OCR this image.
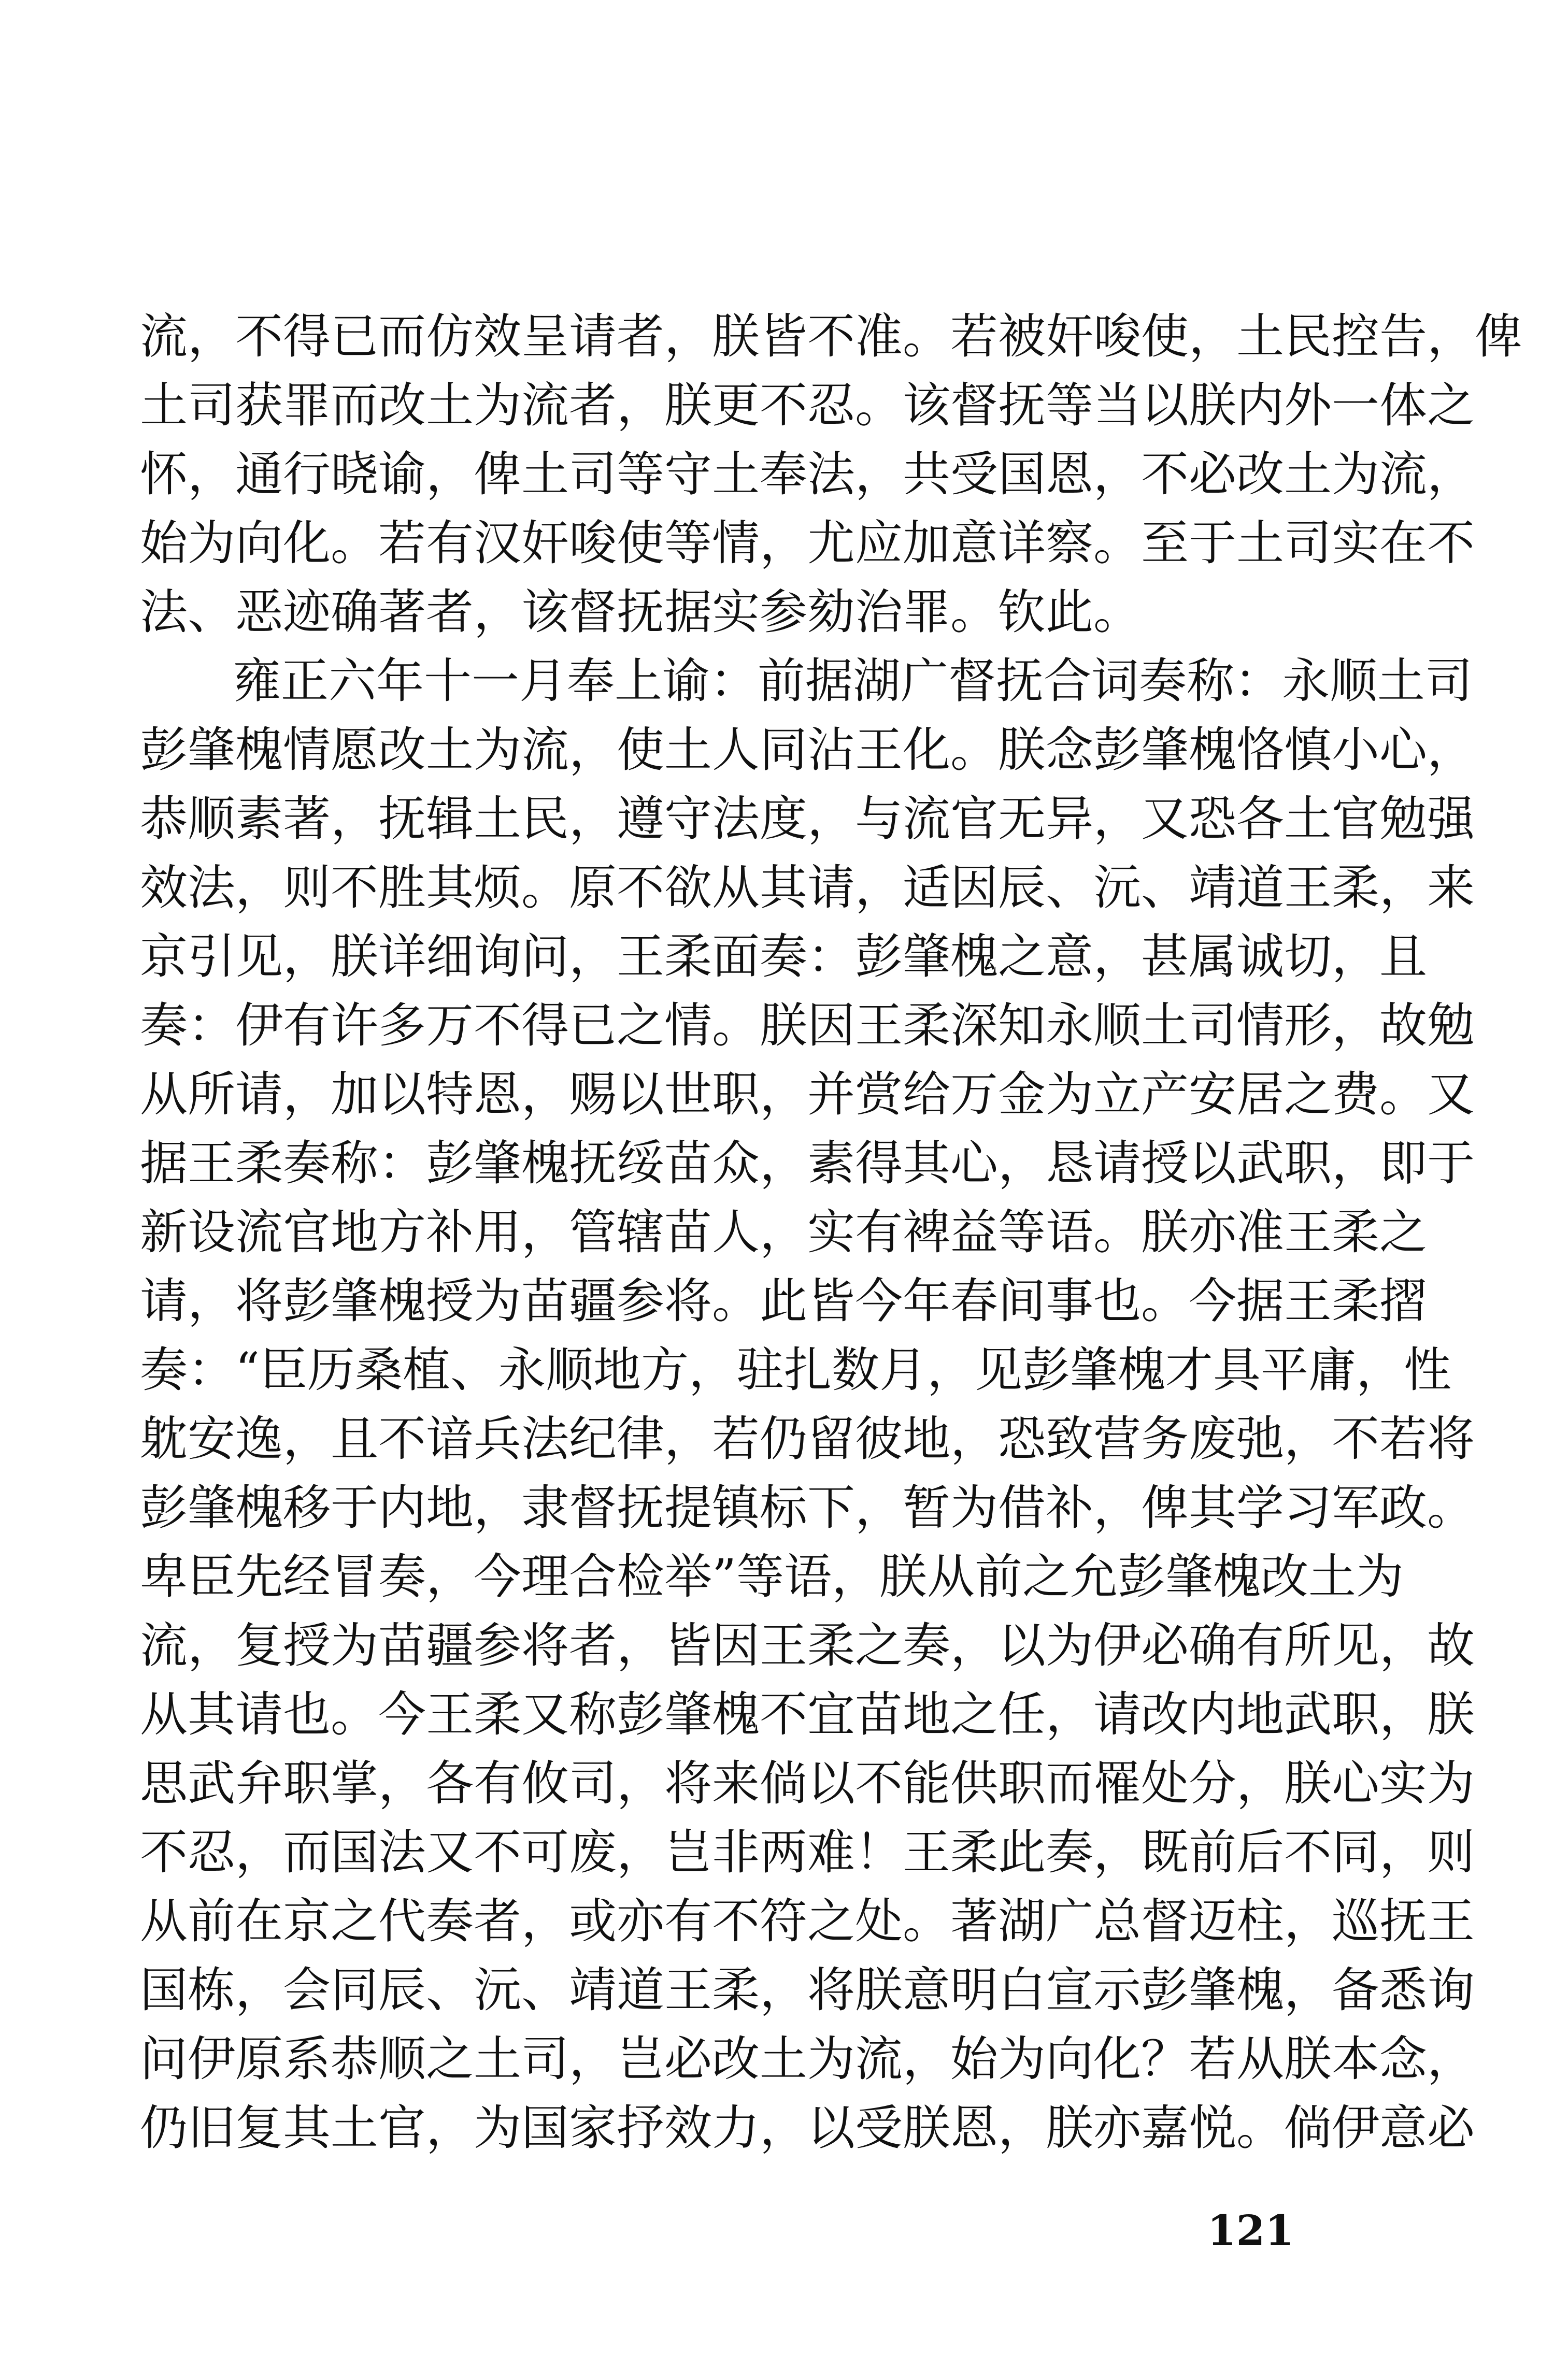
流，不得已而仿效呈请者，朕皆不准。若被奸唆使，土民控告，俾
土司获罪而改土为流者，朕更不忍。该督抚等当以朕内外一体之
怀，通行晓谕，俾土司等守土奉法，共受国恩，不必改土为流，
始为向化。若有汉奸唆使等情，尤应加意详察。至于土司实在不
法、恶迹确著者，该督抚据实参劾治罪。钦此。
雍正六年十一月奉上谕：前据湖广督抚合词奏称：永顺土司
彭肇槐情愿改土为流，使土人同沾王化。朕念彭肇槐恪慎小心，
恭顺素著，抚辑土民，遵守法度，与流官无异，又恐各土官勉强
效法，则不胜其烦。原不欲从其请，适因辰、沅、靖道王柔，来
京引见，朕详细询问，王柔面奏：彭肇槐之意，甚属诚切，且
奏：伊有许多万不得已之情。朕因王柔深知永顺土司情形，故勉
从所请，加以特恩，赐以世职，并赏给万金为立产安居之费。又
据王柔奏称：彭肇槐抚绥苗众，素得其心，恳请授以武职，即于
新设流官地方补用，管辖苗人，实有裨益等语。朕亦准王柔之
请，将彭肇槐授为苗疆参将。此皆今年春间事也。今据王柔摺
奏：“臣历桑植、永顺地方，驻扎数月，见彭肇槐才具平庸，性
躭安逸，且不谙兵法纪律，若仍留彼地，恐致营务废弛，不若将
彭肇槐移于内地，隶督抚提镇标下，暂为借补，俾其学习军政。
卑臣先经冒奏，今理合检举”等语，朕从前之允彭肇槐改土为
流，复授为苗疆参将者，皆因王柔之奏，以为伊必确有所见，故
从其请也。今王柔又称彭肇槐不宜苗地之任，请改内地武职，朕
思武弁职掌，各有攸司，将来倘以不能供职而罹处分，朕心实为
不忍，而国法又不可废，岂非两难！王柔此奏，既前后不同，则
从前在京之代奏者，或亦有不符之处。著湖广总督迈柱，巡抚王
国栋，会同辰、沅、靖道王柔，将朕意明白宣示彭肇槐，备悉询
问伊原系恭顺之土司，岂必改土为流，始为向化？若从朕本念，
仍旧复其土官，为国家抒效力，以受朕恩，朕亦嘉悦。倘伊意必
121
